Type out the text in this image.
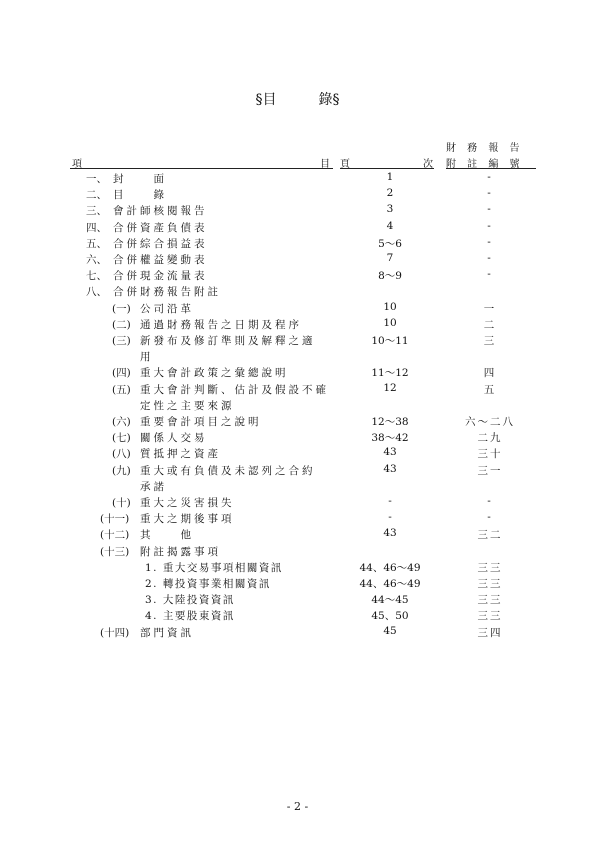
§目　　　錄§
項	目 頁	次
財 務 報 告
附 註 編 號
一、 封　　面	1	-
二、 目　　錄	2	-
三、 會計師核閱報告	3	-
四、 合併資產負債表	4	-
五、 合併綜合損益表	5～6	-
六、 合併權益變動表	7	-
七、 合併現金流量表	8～9	-
八、 合併財務報告附註
(一) 公司沿革	10	一
(二) 通過財務報告之日期及程序	10	二
(三) 新發布及修訂準則及解釋之適	10～11	三
用
(四) 重大會計政策之彙總說明	11～12	四
(五) 重大會計判斷、估計及假設不確	12	五
定性之主要來源
(六) 重要會計項目之說明	12～38	六～二八
(七) 關係人交易	38～42	二九
(八) 質抵押之資產	43	三十
(九) 重大或有負債及未認列之合約	43	三一
承諾
(十) 重大之災害損失	-	-
(十一) 重大之期後事項	-	-
(十二) 其　　他	43	三二
(十三) 附註揭露事項
1. 重大交易事項相關資訊	44、46～49	三三
2. 轉投資事業相關資訊	44、46～49	三三
3. 大陸投資資訊	44～45	三三
4. 主要股東資訊	45、50	三三
(十四) 部門資訊	45	三四
- 2 -
